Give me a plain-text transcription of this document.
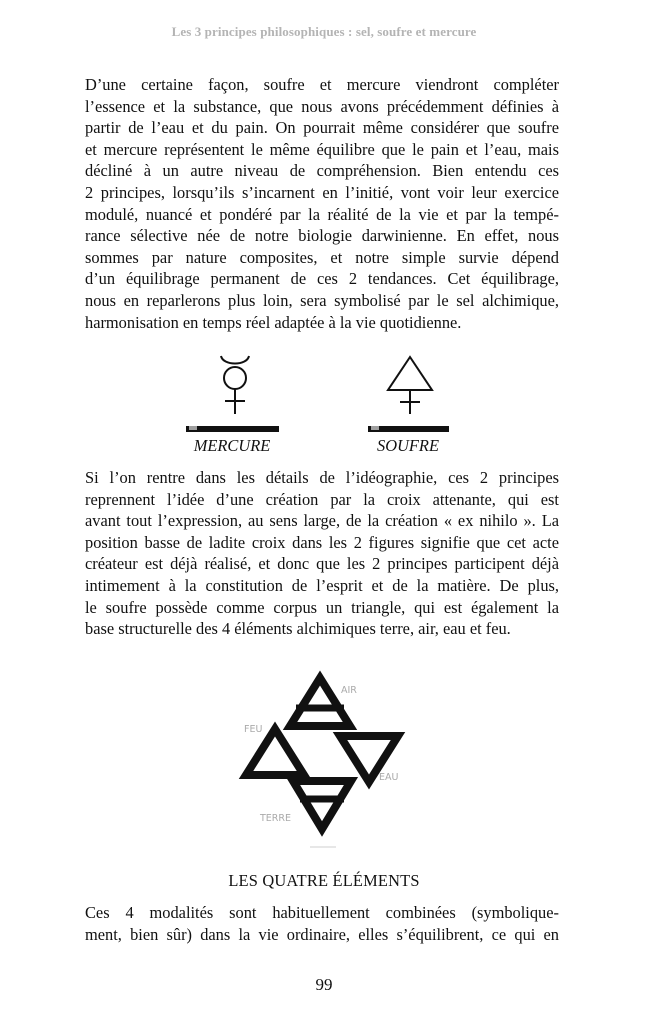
Les 3 principes philosophiques : sel, soufre et mercure

D’une certaine façon, soufre et mercure viendront compléter
l’essence et la substance, que nous avons précédemment définies à
partir de l’eau et du pain. On pourrait même considérer que soufre
et mercure représentent le même équilibre que le pain et l’eau, mais
décliné à un autre niveau de compréhension. Bien entendu ces
2 principes, lorsqu’ils s’incarnent en l’initié, vont voir leur exercice
modulé, nuancé et pondéré par la réalité de la vie et par la tempé-
rance sélective née de notre biologie darwinienne. En effet, nous
sommes par nature composites, et notre simple survie dépend
d’un équilibrage permanent de ces 2 tendances. Cet équilibrage,
nous en reparlerons plus loin, sera symbolisé par le sel alchimique,
harmonisation en temps réel adaptée à la vie quotidienne.

MERCURE	SOUFRE

Si l’on rentre dans les détails de l’idéographie, ces 2 principes
reprennent l’idée d’une création par la croix attenante, qui est
avant tout l’expression, au sens large, de la création « ex nihilo ». La
position basse de ladite croix dans les 2 figures signifie que cet acte
créateur est déjà réalisé, et donc que les 2 principes participent déjà
intimement à la constitution de l’esprit et de la matière. De plus,
le soufre possède comme corpus un triangle, qui est également la
base structurelle des 4 éléments alchimiques terre, air, eau et feu.

AIR
FEU
EAU
TERRE
LES QUATRE ÉLÉMENTS

Ces 4 modalités sont habituellement combinées (symbolique-
ment, bien sûr) dans la vie ordinaire, elles s’équilibrent, ce qui en

99
